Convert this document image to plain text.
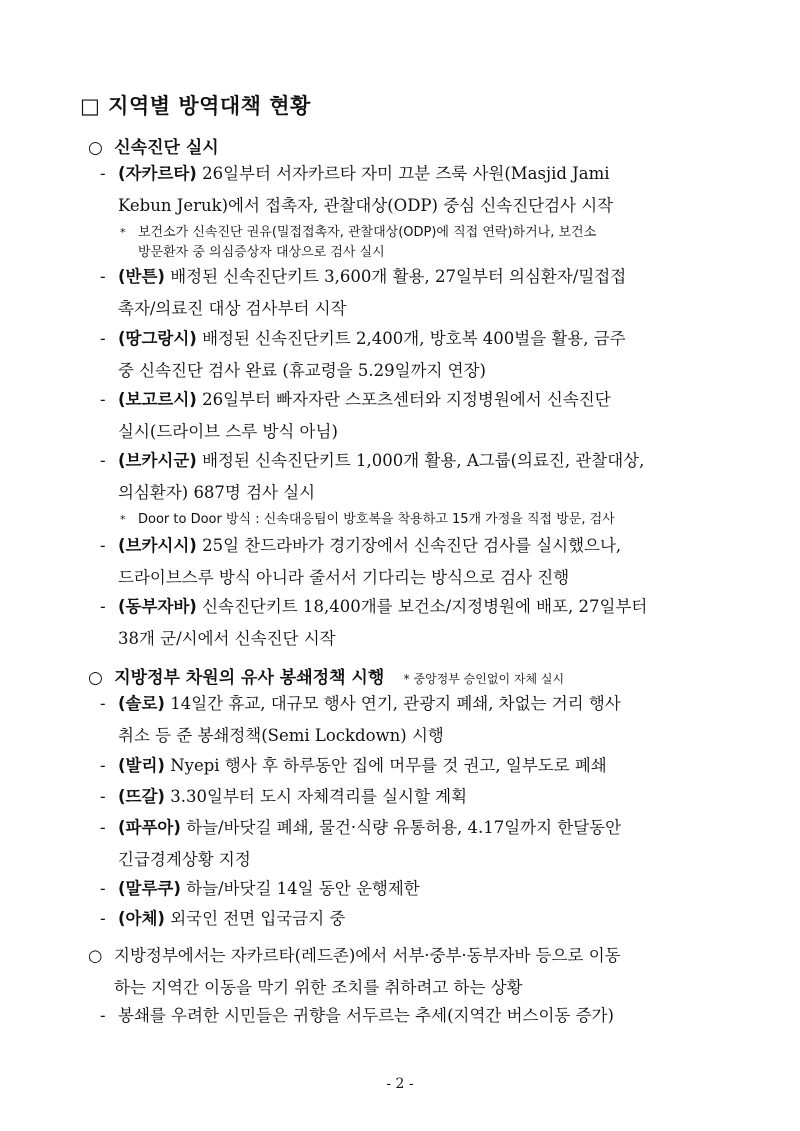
□ 지역별 방역대책 현황
○ 신속진단 실시
- (자카르타) 26일부터 서자카르타 자미 끄분 즈룩 사원(Masjid Jami
Kebun Jeruk)에서 접촉자, 관찰대상(ODP) 중심 신속진단검사 시작
* 보건소가 신속진단 권유(밀접접촉자, 관찰대상(ODP)에 직접 연락)하거나, 보건소
방문환자 중 의심증상자 대상으로 검사 실시
- (반튼) 배정된 신속진단키트 3,600개 활용, 27일부터 의심환자/밀접접
촉자/의료진 대상 검사부터 시작
- (땅그랑시) 배정된 신속진단키트 2,400개, 방호복 400벌을 활용, 금주
중 신속진단 검사 완료 (휴교령을 5.29일까지 연장)
- (보고르시) 26일부터 빠자자란 스포츠센터와 지정병원에서 신속진단
실시(드라이브 스루 방식 아님)
- (브카시군) 배정된 신속진단키트 1,000개 활용, A그룹(의료진, 관찰대상,
의심환자) 687명 검사 실시
* Door to Door 방식 : 신속대응팀이 방호복을 착용하고 15개 가정을 직접 방문, 검사
- (브카시시) 25일 찬드라바가 경기장에서 신속진단 검사를 실시했으나,
드라이브스루 방식 아니라 줄서서 기다리는 방식으로 검사 진행
- (동부자바) 신속진단키트 18,400개를 보건소/지정병원에 배포, 27일부터
38개 군/시에서 신속진단 시작
○ 지방정부 차원의 유사 봉쇄정책 시행 * 중앙정부 승인없이 자체 실시
- (솔로) 14일간 휴교, 대규모 행사 연기, 관광지 폐쇄, 차없는 거리 행사
취소 등 준 봉쇄정책(Semi Lockdown) 시행
- (발리) Nyepi 행사 후 하루동안 집에 머무를 것 권고, 일부도로 폐쇄
- (뜨갈) 3.30일부터 도시 자체격리를 실시할 계획
- (파푸아) 하늘/바닷길 폐쇄, 물건·식량 유통허용, 4.17일까지 한달동안
긴급경계상황 지정
- (말루쿠) 하늘/바닷길 14일 동안 운행제한
- (아체) 외국인 전면 입국금지 중
○ 지방정부에서는 자카르타(레드존)에서 서부·중부·동부자바 등으로 이동
하는 지역간 이동을 막기 위한 조치를 취하려고 하는 상황
- 봉쇄를 우려한 시민들은 귀향을 서두르는 추세(지역간 버스이동 증가)
- 2 -
